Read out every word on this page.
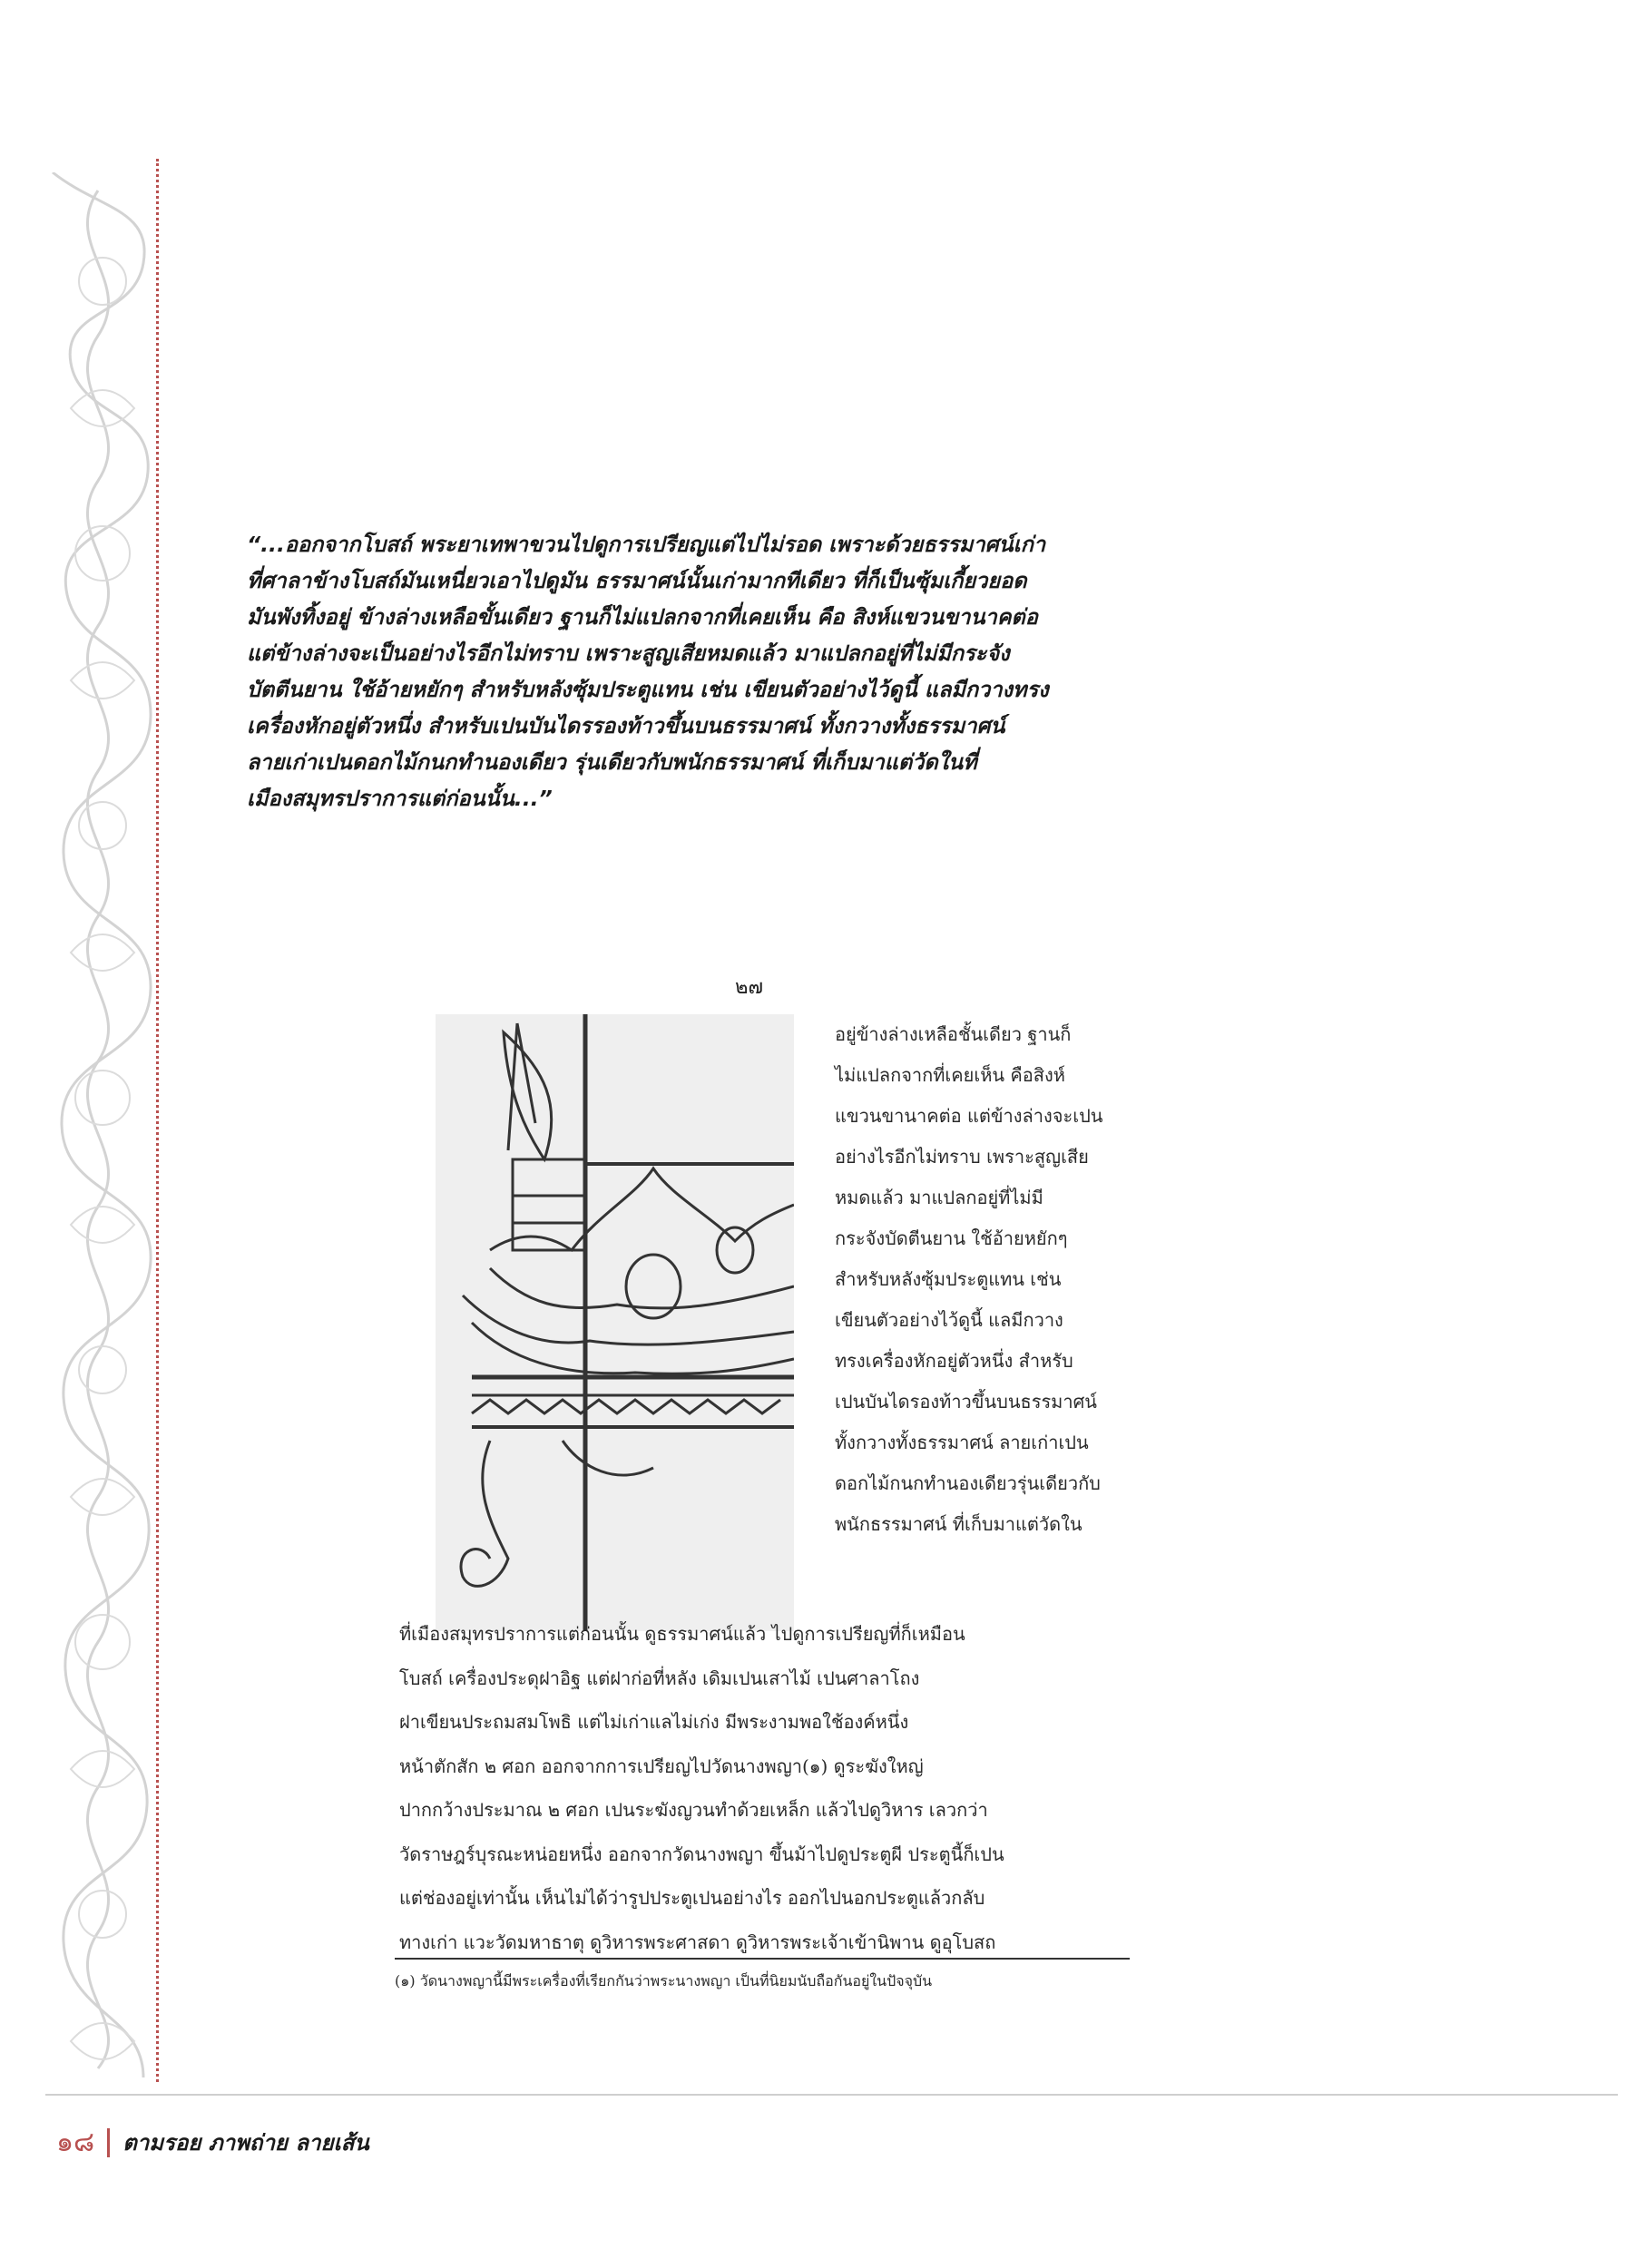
“...ออกจากโบสถ์ พระยาเทพาขวนไปดูการเปรียญแต่ไปไม่รอด เพราะด้วยธรรมาศน์เก่า
ที่ศาลาข้างโบสถ์มันเหนี่ยวเอาไปดูมัน ธรรมาศน์นั้นเก่ามากทีเดียว ที่ก็เป็นซุ้มเกี้ยวยอด
มันพังทิ้งอยู่ ข้างล่างเหลือขั้นเดียว ฐานก็ไม่แปลกจากที่เคยเห็น คือ สิงห์แขวนขานาคต่อ
แต่ข้างล่างจะเป็นอย่างไรอีกไม่ทราบ เพราะสูญเสียหมดแล้ว มาแปลกอยู่ที่ไม่มีกระจัง
บัตตีนยาน ใช้อ้ายหยักๆ สำหรับหลังซุ้มประตูแทน เช่น เขียนตัวอย่างไว้ดูนี้ แลมีกวางทรง
เครื่องหักอยู่ตัวหนึ่ง สำหรับเปนบันไดรรองท้าวขึ้นบนธรรมาศน์ ทั้งกวางทั้งธรรมาศน์
ลายเก่าเปนดอกไม้กนกทำนองเดียว รุ่นเดียวกับพนักธรรมาศน์ ที่เก็บมาแต่วัดในที่
เมืองสมุทรปราการแต่ก่อนนั้น...”
๒๗
อยู่ข้างล่างเหลือชั้นเดียว ฐานก็
ไม่แปลกจากที่เคยเห็น คือสิงห์
แขวนขานาคต่อ แต่ข้างล่างจะเปน
อย่างไรอีกไม่ทราบ เพราะสูญเสีย
หมดแล้ว มาแปลกอยู่ที่ไม่มี
กระจังบัดตีนยาน ใช้อ้ายหยักๆ
สำหรับหลังซุ้มประตูแทน เช่น
เขียนตัวอย่างไว้ดูนี้ แลมีกวาง
ทรงเครื่องหักอยู่ตัวหนึ่ง สำหรับ
เปนบันไดรองท้าวขึ้นบนธรรมาศน์
ทั้งกวางทั้งธรรมาศน์ ลายเก่าเปน
ดอกไม้กนกทำนองเดียวรุ่นเดียวกับ
พนักธรรมาศน์ ที่เก็บมาแต่วัดใน
ที่เมืองสมุทรปราการแต่ก่อนนั้น ดูธรรมาศน์แล้ว ไปดูการเปรียญที่ก็เหมือน
โบสถ์ เครื่องประดุฝาอิฐ แต่ฝาก่อที่หลัง เดิมเปนเสาไม้ เปนศาลาโถง
ฝาเขียนประถมสมโพธิ แต่ไม่เก่าแลไม่เก่ง มีพระงามพอใช้องค์หนึ่ง
หน้าตักสัก ๒ ศอก ออกจากการเปรียญไปวัดนางพญา(๑) ดูระฆังใหญ่
ปากกว้างประมาณ ๒ ศอก เปนระฆังญวนทำด้วยเหล็ก แล้วไปดูวิหาร เลวกว่า
วัดราษฎร์บุรณะหน่อยหนึ่ง ออกจากวัดนางพญา ขึ้นม้าไปดูประตูผี ประตูนี้ก็เปน
แต่ช่องอยู่เท่านั้น เห็นไม่ได้ว่ารูปประตูเปนอย่างไร ออกไปนอกประตูแล้วกลับ
ทางเก่า แวะวัดมหาธาตุ ดูวิหารพระศาสดา ดูวิหารพระเจ้าเข้านิพาน ดูอุโบสถ
(๑) วัดนางพญานี้มีพระเครื่องที่เรียกกันว่าพระนางพญา เป็นที่นิยมนับถือกันอยู่ในปัจจุบัน
๑๘ ตามรอย ภาพถ่าย ลายเส้น
